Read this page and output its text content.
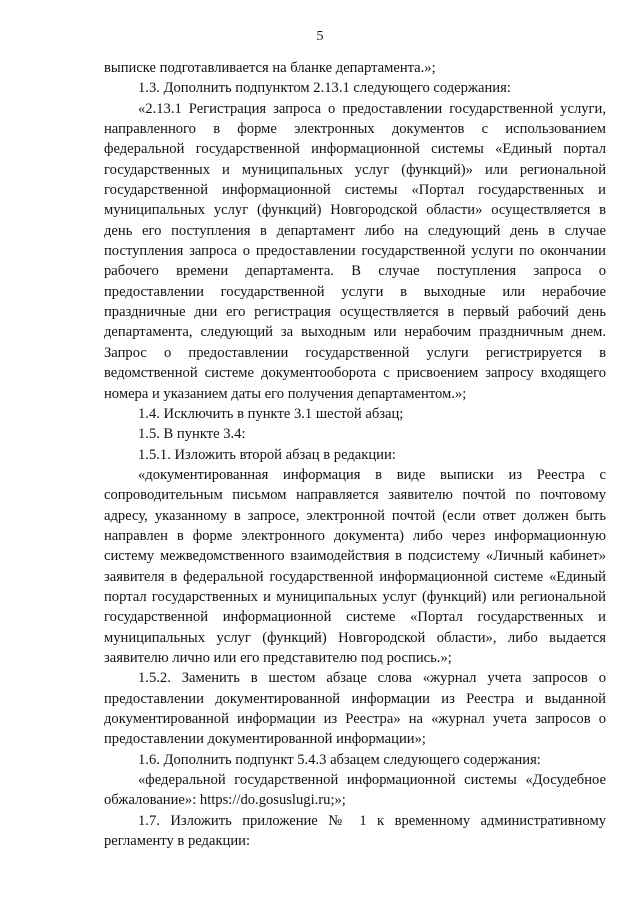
5

выписке подготавливается на бланке департамента.»;

1.3. Дополнить подпунктом 2.13.1 следующего содержания:

«2.13.1 Регистрация запроса о предоставлении государственной услуги, направленного в форме электронных документов с использованием федеральной государственной информационной системы «Единый портал государственных и муниципальных услуг (функций)» или региональной государственной информационной системы «Портал государственных и муниципальных услуг (функций) Новгородской области» осуществляется в день его поступления в департамент либо на следующий день в случае поступления запроса о предоставлении государственной услуги по окончании рабочего времени департамента. В случае поступления запроса о предоставлении государственной услуги в выходные или нерабочие праздничные дни его регистрация осуществляется в первый рабочий день департамента, следующий за выходным или нерабочим праздничным днем. Запрос о предоставлении государственной услуги регистрируется в ведомственной системе документооборота с присвоением запросу входящего номера и указанием даты его получения департаментом.»;

1.4. Исключить в пункте 3.1 шестой абзац;

1.5. В пункте 3.4:

1.5.1. Изложить второй абзац в редакции:

«документированная информация в виде выписки из Реестра с сопроводительным письмом направляется заявителю почтой по почтовому адресу, указанному в запросе, электронной почтой (если ответ должен быть направлен в форме электронного документа) либо через информационную систему межведомственного взаимодействия в подсистему «Личный кабинет» заявителя в федеральной государственной информационной системе «Единый портал государственных и муниципальных услуг (функций) или региональной государственной информационной системе «Портал государственных и муниципальных услуг (функций) Новгородской области», либо выдается заявителю лично или его представителю под роспись.»;

1.5.2. Заменить в шестом абзаце слова «журнал учета запросов о предоставлении документированной информации из Реестра и выданной документированной информации из Реестра» на «журнал учета запросов о предоставлении документированной информации»;

1.6. Дополнить подпункт 5.4.3 абзацем следующего содержания:

«федеральной государственной информационной системы «Досудебное обжалование»: https://do.gosuslugi.ru;»;

1.7. Изложить приложение № 1 к временному административному регламенту в редакции:
